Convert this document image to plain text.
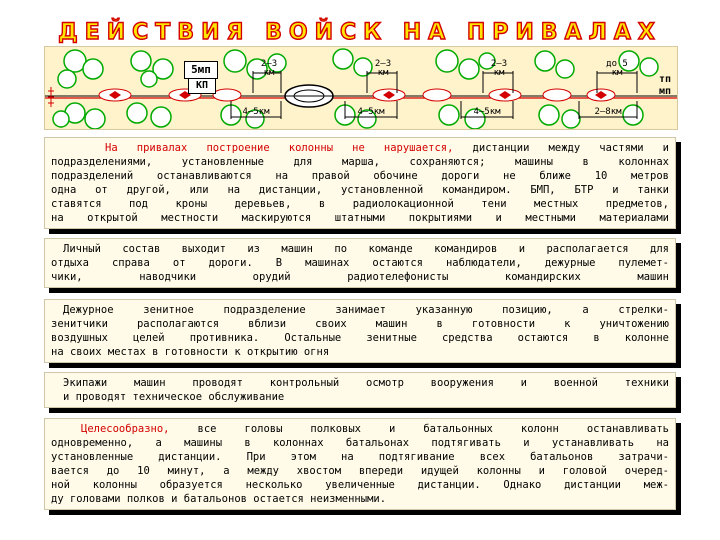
ДЕЙСТВИЯ ВОЙСК НА ПРИВАЛАХ
5мп
КП
2–3 км
2–3 км
2–3 км
до 5 км
4–5км	4–5км	4–5км	2–8км
тп
мп
На привалах построение колонны не нарушается, дистанции между частями и
подразделениями, установленные для марша, сохраняются; машины в колоннах
подразделений останавливаются на правой обочине дороги не ближе 10 метров
одна от другой, или на дистанции, установленной командиром. БМП, БТР и танки
ставятся под кроны деревьев, в радиолокационной тени местных предметов,
на открытой местности маскируются штатными покрытиями и местными материалами
Личный состав выходит из машин по команде командиров и располагается для
отдыха справа от дороги. В машинах остаются наблюдатели, дежурные пулемет-
чики, наводчики орудий радиотелефонисты командирских машин
Дежурное зенитное подразделение занимает указанную позицию, а стрелки-
зенитчики располагаются вблизи своих машин в готовности к уничтожению
воздушных целей противника. Остальные зенитные средства остаются в колонне
на своих местах в готовности к открытию огня
Экипажи машин проводят контрольный осмотр вооружения и военной техники
и проводят техническое обслуживание
Целесообразно, все головы полковых и батальонных колонн останавливать
одновременно, а машины в колоннах батальонах подтягивать и устанавливать на
установленные дистанции. При этом на подтягивание всех батальонов затрачи-
вается до 10 минут, а между хвостом впереди идущей колонны и головой очеред-
ной колонны образуется несколько увеличенные дистанции. Однако дистанции меж-
ду головами полков и батальонов остается неизменными.
